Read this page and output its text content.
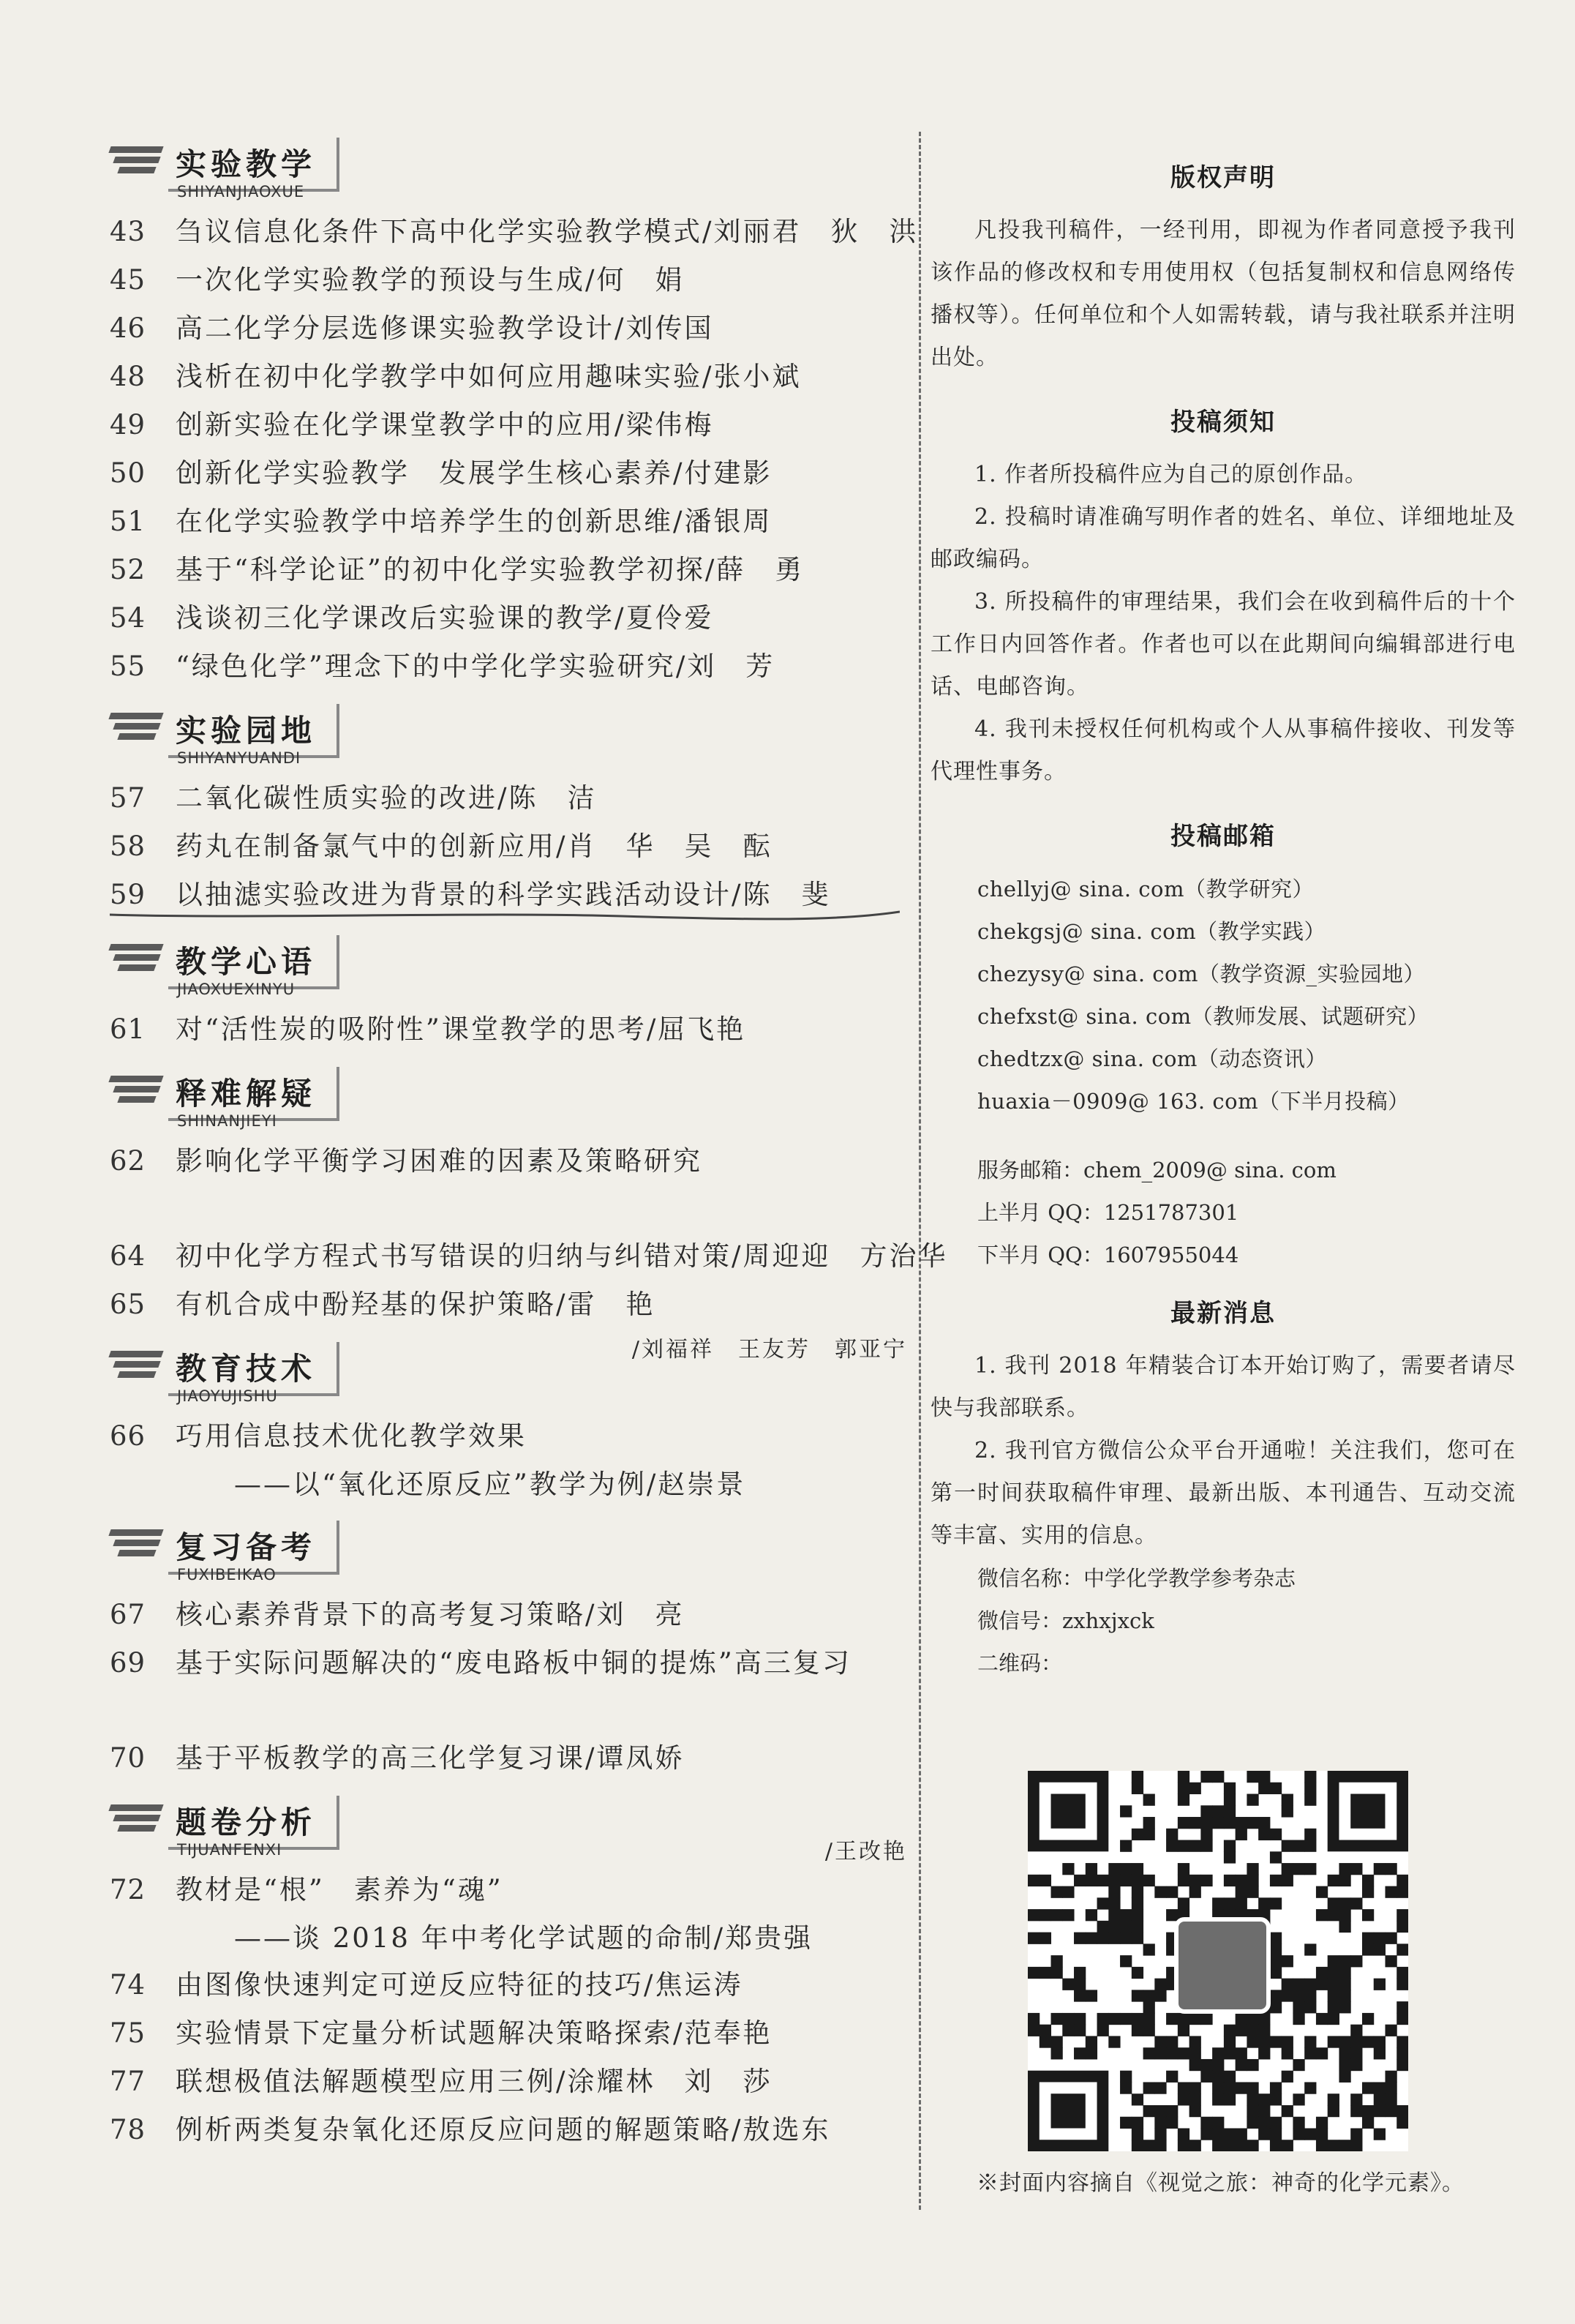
实验教学
SHIYANJIAOXUE
43	刍议信息化条件下高中化学实验教学模式/刘丽君　狄　洪
45	一次化学实验教学的预设与生成/何　娟
46	高二化学分层选修课实验教学设计/刘传国
48	浅析在初中化学教学中如何应用趣味实验/张小斌
49	创新实验在化学课堂教学中的应用/梁伟梅
50	创新化学实验教学　发展学生核心素养/付建影
51	在化学实验教学中培养学生的创新思维/潘银周
52	基于“科学论证”的初中化学实验教学初探/薛　勇
54	浅谈初三化学课改后实验课的教学/夏伶爱
55	“绿色化学”理念下的中学化学实验研究/刘　芳
实验园地
SHIYANYUANDI
57	二氧化碳性质实验的改进/陈　洁
58	药丸在制备氯气中的创新应用/肖　华　吴　酝
59	以抽滤实验改进为背景的科学实践活动设计/陈　斐
教学心语
JIAOXUEXINYU
61	对“活性炭的吸附性”课堂教学的思考/屈飞艳
释难解疑
SHINANJIEYI
62	影响化学平衡学习困难的因素及策略研究
/刘福祥　王友芳　郭亚宁
64	初中化学方程式书写错误的归纳与纠错对策/周迎迎　方治华
65	有机合成中酚羟基的保护策略/雷　艳
教育技术
JIAOYUJISHU
66	巧用信息技术优化教学效果
　　——以“氧化还原反应”教学为例/赵崇景
复习备考
FUXIBEIKAO
67	核心素养背景下的高考复习策略/刘　亮
69	基于实际问题解决的“废电路板中铜的提炼”高三复习
/王改艳
70	基于平板教学的高三化学复习课/谭凤娇
题卷分析
TIJUANFENXI
72	教材是“根”　素养为“魂”
　　——谈 2018 年中考化学试题的命制/郑贵强
74	由图像快速判定可逆反应特征的技巧/焦运涛
75	实验情景下定量分析试题解决策略探索/范奉艳
77	联想极值法解题模型应用三例/涂耀林　刘　莎
78	例析两类复杂氧化还原反应问题的解题策略/敖选东
版权声明

凡投我刊稿件，一经刊用，即视为作者同意授予我刊该作品的修改权和专用使用权（包括复制权和信息网络传播权等）。任何单位和个人如需转载，请与我社联系并注明出处。

投稿须知
1. 作者所投稿件应为自己的原创作品。
2. 投稿时请准确写明作者的姓名、单位、详细地址及邮政编码。
3. 所投稿件的审理结果，我们会在收到稿件后的十个工作日内回答作者。作者也可以在此期间向编辑部进行电话、电邮咨询。
4. 我刊未授权任何机构或个人从事稿件接收、刊发等代理性事务。
投稿邮箱
chellyj@ sina. com（教学研究）
chekgsj@ sina. com（教学实践）
chezysy@ sina. com（教学资源_实验园地）
chefxst@ sina. com（教师发展、试题研究）
chedtzx@ sina. com（动态资讯）
huaxia－0909@ 163. com（下半月投稿）
服务邮箱：chem_2009@ sina. com
上半月 QQ：1251787301
下半月 QQ：1607955044
最新消息
1. 我刊 2018 年精装合订本开始订购了，需要者请尽快与我部联系。
2. 我刊官方微信公众平台开通啦！关注我们，您可在第一时间获取稿件审理、最新出版、本刊通告、互动交流等丰富、实用的信息。
微信名称：中学化学教学参考杂志
微信号：zxhxjxck
二维码：
※封面内容摘自《视觉之旅：神奇的化学元素》。
